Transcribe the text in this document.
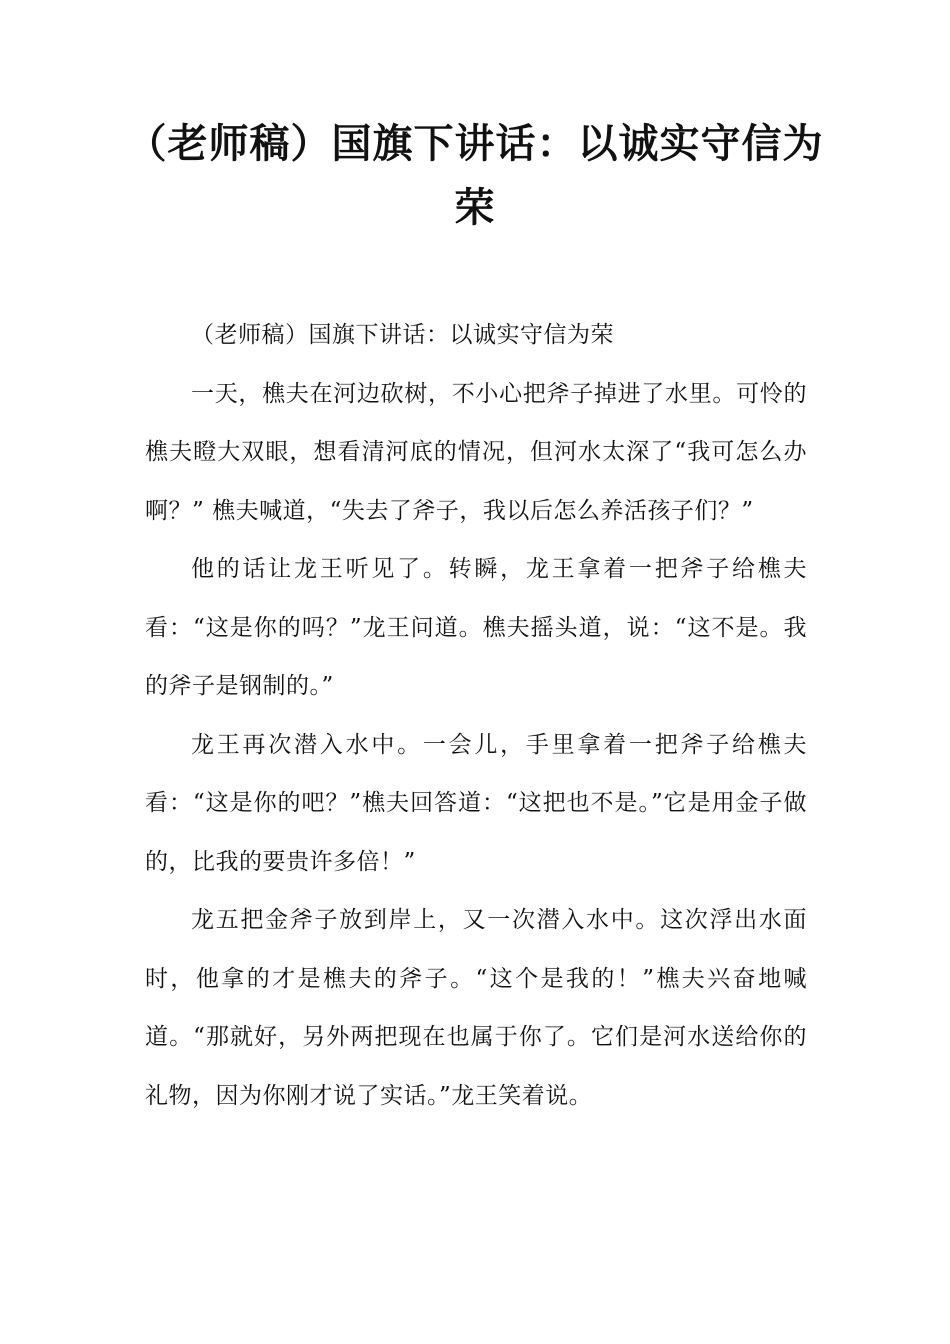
（老师稿）国旗下讲话：以诚实守信为荣

（老师稿）国旗下讲话：以诚实守信为荣

一天，樵夫在河边砍树，不小心把斧子掉进了水里。可怜的樵夫瞪大双眼，想看清河底的情况，但河水太深了“我可怎么办啊？” 樵夫喊道，“失去了斧子，我以后怎么养活孩子们？”

他的话让龙王听见了。转瞬，龙王拿着一把斧子给樵夫看：“这是你的吗？”龙王问道。樵夫摇头道，说：“这不是。我的斧子是钢制的。”

龙王再次潜入水中。一会儿，手里拿着一把斧子给樵夫看：“这是你的吧？”樵夫回答道：“这把也不是。”它是用金子做的，比我的要贵许多倍！”

龙五把金斧子放到岸上，又一次潜入水中。这次浮出水面时，他拿的才是樵夫的斧子。“这个是我的！”樵夫兴奋地喊道。“那就好，另外两把现在也属于你了。它们是河水送给你的礼物，因为你刚才说了实话。”龙王笑着说。
